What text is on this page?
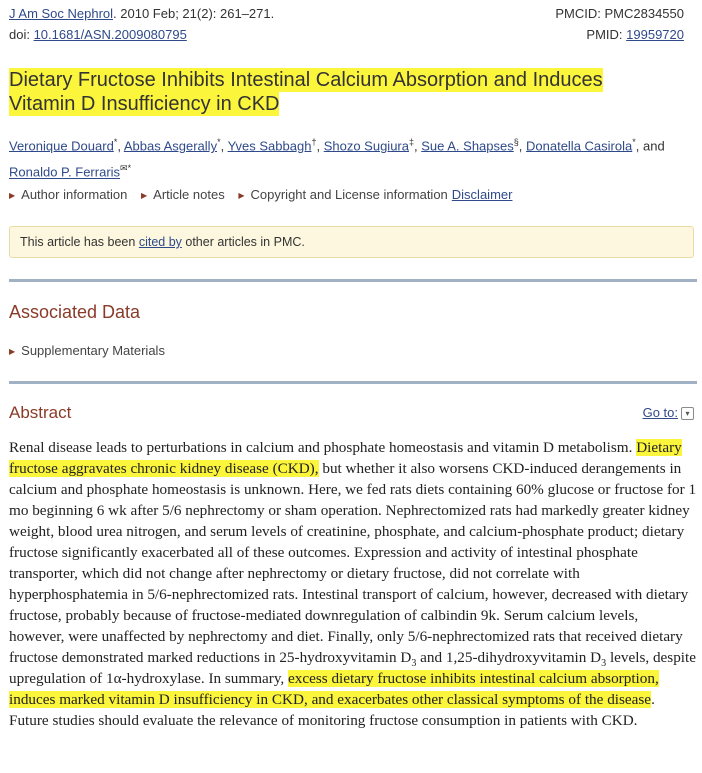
J Am Soc Nephrol. 2010 Feb; 21(2): 261–271.	PMCID: PMC2834550
doi: 10.1681/ASN.2009080795	PMID: 19959720
Dietary Fructose Inhibits Intestinal Calcium Absorption and Induces Vitamin D Insufficiency in CKD
Veronique Douard*, Abbas Asgerally*, Yves Sabbagh†, Shozo Sugiura‡, Sue A. Shapses§, Donatella Casirola*, and
Ronaldo P. Ferraris✉*
▶ Author information ▶ Article notes ▶ Copyright and License information Disclaimer
This article has been cited by other articles in PMC.
Associated Data
▶ Supplementary Materials
Abstract	Go to: ▾
Renal disease leads to perturbations in calcium and phosphate homeostasis and vitamin D metabolism. Dietary fructose aggravates chronic kidney disease (CKD), but whether it also worsens CKD-induced derangements in calcium and phosphate homeostasis is unknown. Here, we fed rats diets containing 60% glucose or fructose for 1 mo beginning 6 wk after 5/6 nephrectomy or sham operation. Nephrectomized rats had markedly greater kidney weight, blood urea nitrogen, and serum levels of creatinine, phosphate, and calcium-phosphate product; dietary fructose significantly exacerbated all of these outcomes. Expression and activity of intestinal phosphate transporter, which did not change after nephrectomy or dietary fructose, did not correlate with hyperphosphatemia in 5/6-nephrectomized rats. Intestinal transport of calcium, however, decreased with dietary fructose, probably because of fructose-mediated downregulation of calbindin 9k. Serum calcium levels, however, were unaffected by nephrectomy and diet. Finally, only 5/6-nephrectomized rats that received dietary fructose demonstrated marked reductions in 25-hydroxyvitamin $D_3$ and 1,25-dihydroxyvitamin $D_3$ levels, despite upregulation of 1α-hydroxylase. In summary, excess dietary fructose inhibits intestinal calcium absorption, induces marked vitamin D insufficiency in CKD, and exacerbates other classical symptoms of the disease. Future studies should evaluate the relevance of monitoring fructose consumption in patients with CKD.
